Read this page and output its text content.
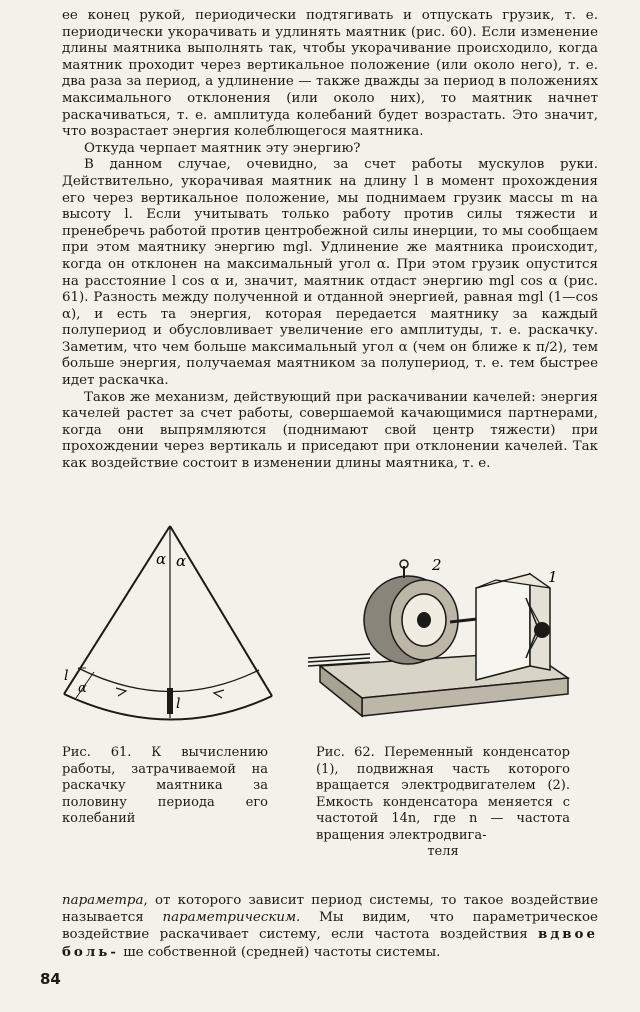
ее конец рукой, периодически подтягивать и отпускать грузик, т. е. периодически укорачивать и удлинять маятник (рис. 60). Если изменение длины маятника выполнять так, чтобы укорачивание происходило, когда маятник проходит через вертикальное положение (или около него), т. е. два раза за период, а удлинение — также дважды за период в положениях максимального отклонения (или около них), то маятник начнет раскачиваться, т. е. амплитуда колебаний будет возрастать. Это значит, что возрастает энергия колеблющегося маятника.

Откуда черпает маятник эту энергию?

В данном случае, очевидно, за счет работы мускулов руки. Действительно, укорачивая маятник на длину l в момент прохождения его через вертикальное положение, мы поднимаем грузик массы m на высоту l. Если учитывать только работу против силы тяжести и пренебречь работой против центробежной силы инерции, то мы сообщаем при этом маятнику энергию mgl. Удлинение же маятника происходит, когда он отклонен на максимальный угол α. При этом грузик опустится на расстояние l cos α и, значит, маятник отдаст энергию mgl cos α (рис. 61). Разность между полученной и отданной энергией, равная mgl (1—cos α), и есть та энергия, которая передается маятнику за каждый полупериод и обусловливает увеличение его амплитуды, т. е. раскачку. Заметим, что чем больше максимальный угол α (чем он ближе к π/2), тем больше энергия, получаемая маятником за полупериод, т. е. тем быстрее идет раскачка.

Таков же механизм, действующий при раскачивании качелей: энергия качелей растет за счет работы, совершаемой качающимися партнерами, когда они выпрямляются (поднимают свой центр тяжести) при прохождении через вертикаль и приседают при отклонении качелей. Так как воздействие состоит в изменении длины маятника, т. е.

α α
α
l
l
Рис. 61. К вычислению работы, затрачиваемой на раскачку маятника за половину периода его колебаний
2
1
Рис. 62. Переменный конденсатор (1), подвижная часть которого вращается электродвигателем (2). Емкость конденсатора меняется с частотой 14n, где n — частота вращения электродвига-
теля

параметра, от которого зависит период системы, то такое воздействие называется параметрическим. Мы видим, что параметрическое воздействие раскачивает систему, если частота воздействия вдвое боль- ше собственной (средней) частоты системы.

84
